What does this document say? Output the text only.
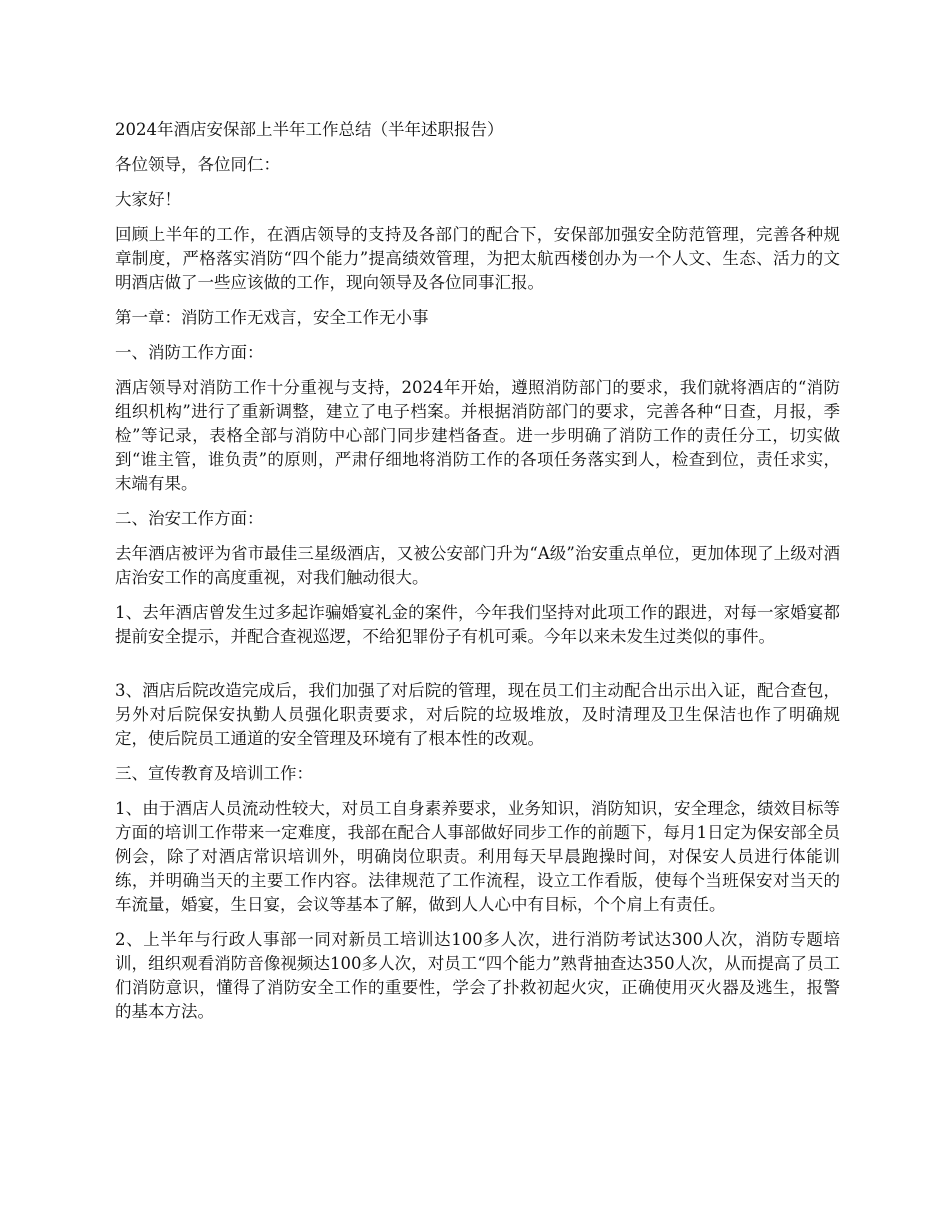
2024年酒店安保部上半年工作总结（半年述职报告）

各位领导，各位同仁：

大家好！

回顾上半年的工作，在酒店领导的支持及各部门的配合下，安保部加强安全防范管理，完善各种规章制度，严格落实消防“四个能力”提高绩效管理，为把太航西楼创办为一个人文、生态、活力的文明酒店做了一些应该做的工作，现向领导及各位同事汇报。

第一章：消防工作无戏言，安全工作无小事

一、消防工作方面：

酒店领导对消防工作十分重视与支持，2024年开始，遵照消防部门的要求，我们就将酒店的“消防组织机构”进行了重新调整，建立了电子档案。并根据消防部门的要求，完善各种“日查，月报，季检”等记录，表格全部与消防中心部门同步建档备查。进一步明确了消防工作的责任分工，切实做到“谁主管，谁负责”的原则，严肃仔细地将消防工作的各项任务落实到人，检查到位，责任求实，末端有果。

二、治安工作方面：

去年酒店被评为省市最佳三星级酒店，又被公安部门升为“A级”治安重点单位，更加体现了上级对酒店治安工作的高度重视，对我们触动很大。

1、去年酒店曾发生过多起诈骗婚宴礼金的案件，今年我们坚持对此项工作的跟进，对每一家婚宴都提前安全提示，并配合查视巡逻，不给犯罪份子有机可乘。今年以来未发生过类似的事件。

3、酒店后院改造完成后，我们加强了对后院的管理，现在员工们主动配合出示出入证，配合查包，另外对后院保安执勤人员强化职责要求，对后院的垃圾堆放，及时清理及卫生保洁也作了明确规定，使后院员工通道的安全管理及环境有了根本性的改观。

三、宣传教育及培训工作：

1、由于酒店人员流动性较大，对员工自身素养要求，业务知识，消防知识，安全理念，绩效目标等方面的培训工作带来一定难度，我部在配合人事部做好同步工作的前题下，每月1日定为保安部全员例会，除了对酒店常识培训外，明确岗位职责。利用每天早晨跑操时间，对保安人员进行体能训练，并明确当天的主要工作内容。法律规范了工作流程，设立工作看版，使每个当班保安对当天的车流量，婚宴，生日宴，会议等基本了解，做到人人心中有目标，个个肩上有责任。

2、上半年与行政人事部一同对新员工培训达100多人次，进行消防考试达300人次，消防专题培训，组织观看消防音像视频达100多人次，对员工“四个能力”熟背抽查达350人次，从而提高了员工们消防意识，懂得了消防安全工作的重要性，学会了扑救初起火灾，正确使用灭火器及逃生，报警的基本方法。
